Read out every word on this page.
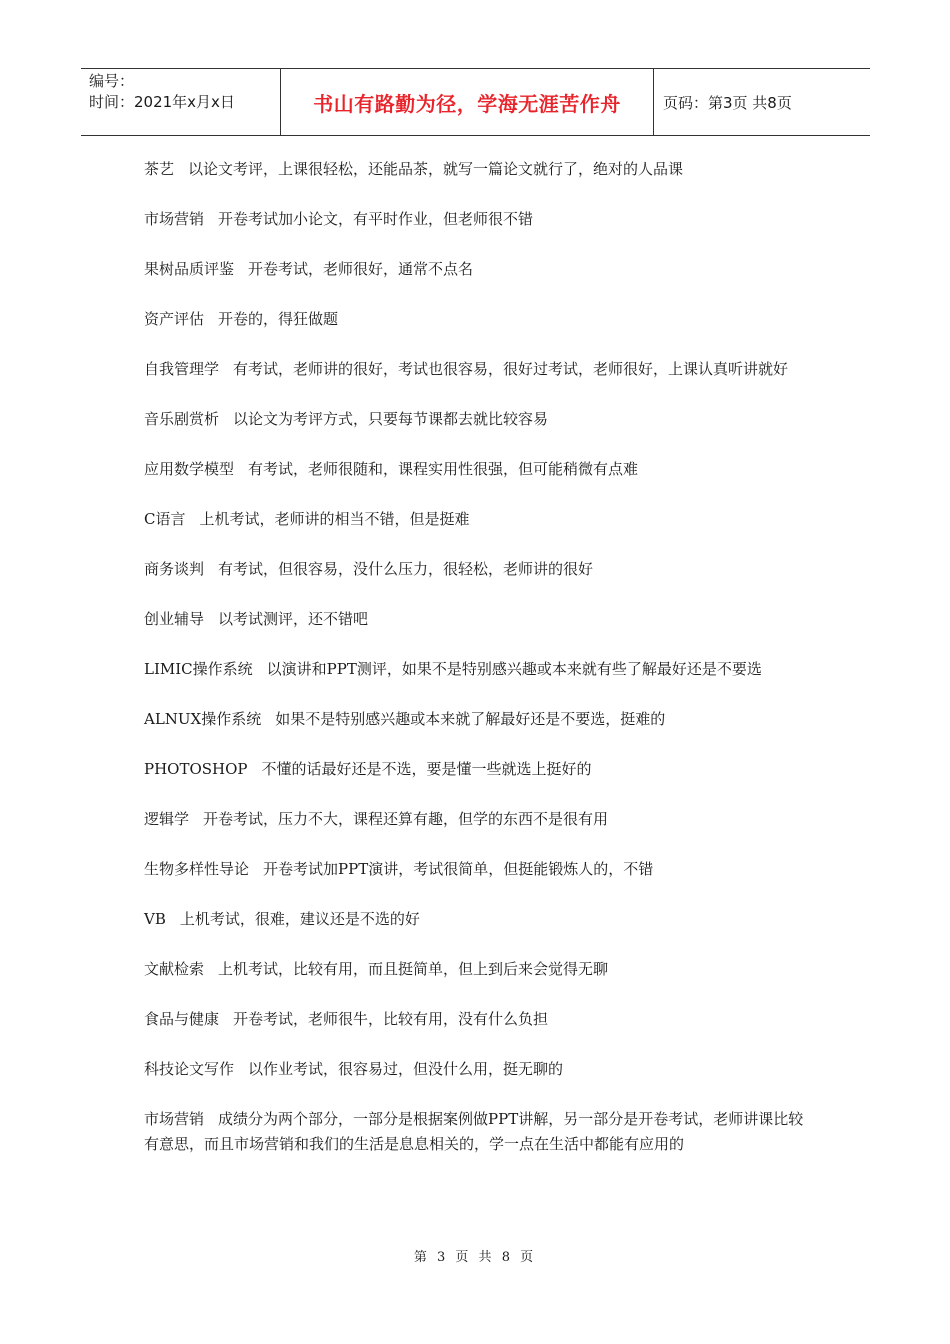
编号：
时间：2021年x月x日	书山有路勤为径，学海无涯苦作舟	页码：第3页 共8页

茶艺 以论文考评，上课很轻松，还能品茶，就写一篇论文就行了，绝对的人品课

市场营销 开卷考试加小论文，有平时作业，但老师很不错

果树品质评鉴 开卷考试，老师很好，通常不点名

资产评估 开卷的，得狂做题

自我管理学 有考试，老师讲的很好，考试也很容易，很好过考试，老师很好，上课认真听讲就好

音乐剧赏析 以论文为考评方式，只要每节课都去就比较容易

应用数学模型 有考试，老师很随和，课程实用性很强，但可能稍微有点难

C语言 上机考试，老师讲的相当不错，但是挺难

商务谈判 有考试，但很容易，没什么压力，很轻松，老师讲的很好

创业辅导 以考试测评，还不错吧

LIMIC操作系统 以演讲和PPT测评，如果不是特别感兴趣或本来就有些了解最好还是不要选

ALNUX操作系统 如果不是特别感兴趣或本来就了解最好还是不要选，挺难的

PHOTOSHOP 不懂的话最好还是不选，要是懂一些就选上挺好的

逻辑学 开卷考试，压力不大，课程还算有趣，但学的东西不是很有用

生物多样性导论 开卷考试加PPT演讲，考试很简单，但挺能锻炼人的，不错

VB 上机考试，很难，建议还是不选的好

文献检索 上机考试，比较有用，而且挺简单，但上到后来会觉得无聊

食品与健康 开卷考试，老师很牛，比较有用，没有什么负担

科技论文写作 以作业考试，很容易过，但没什么用，挺无聊的

市场营销 成绩分为两个部分，一部分是根据案例做PPT讲解，另一部分是开卷考试，老师讲课比较有意思，而且市场营销和我们的生活是息息相关的，学一点在生活中都能有应用的

第 3 页 共 8 页
